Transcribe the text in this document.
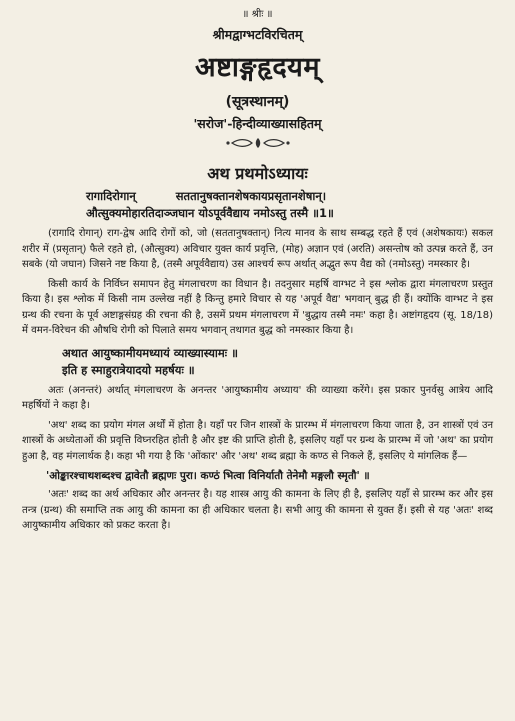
॥ श्रीः ॥
श्रीमद्वाग्भटविरचितम्
अष्टाङ्गहृदयम्
(सूत्रस्थानम्)
'सरोज'-हिन्दीव्याख्यासहितम्
अथ प्रथमोऽध्यायः
रागादिरोगान्	सततानुषक्तानशेषकायप्रसृतानशेषान्।
औत्सुक्यमोहारतिदाञ्जघान योऽपूर्ववैद्याय नमोऽस्तु तस्मै ॥1॥

(रागादि रोगान्) राग-द्वेष आदि रोगों को, जो (सततानुषक्तान्) नित्य मानव के साथ सम्बद्ध रहते हैं एवं (अशेषकायः) सकल शरीर में (प्रसृतान्) फैले रहते हो, (औत्सुक्य) अविचार युक्त कार्य प्रवृत्ति, (मोह) अज्ञान एवं (अरति) असन्तोष को उत्पन्न करते हैं, उन सबके (यो जघान) जिसने नष्ट किया है, (तस्मै अपूर्ववैद्याय) उस आश्चर्य रूप अर्थात् अद्भुत रूप वैद्य को (नमोऽस्तु) नमस्कार है।

किसी कार्य के निर्विघ्न समापन हेतु मंगलाचरण का विधान है। तदनुसार महर्षि वाग्भट ने इस श्लोक द्वारा मंगलाचरण प्रस्तुत किया है। इस श्लोक में किसी नाम उल्लेख नहीं है किन्तु हमारे विचार से यह 'अपूर्व वैद्य' भगवान् बुद्ध ही हैं। क्योंकि वाग्भट ने इस ग्रन्थ की रचना के पूर्व अष्टाङ्गसंग्रह की रचना की है, उसमें प्रथम मंगलाचरण में 'बुद्धाय तस्मै नमः' कहा है। अष्टांगहृदय (सू. 18/18) में वमन-विरेचन की औषधि रोगी को पिलाते समय भगवान् तथागत बुद्ध को नमस्कार किया है।

अथात आयुष्कामीयमध्यायं व्याख्यास्यामः ॥
इति ह स्माहुरात्रेयादयो महर्षयः ॥

अतः (अनन्तरं) अर्थात् मंगलाचरण के अनन्तर 'आयुष्कामीय अध्याय' की व्याख्या करेंगे। इस प्रकार पुनर्वसु आत्रेय आदि महर्षियों ने कहा है।

'अथ' शब्द का प्रयोग मंगल अर्थों में होता है। यहाँ पर जिन शास्त्रों के प्रारम्भ में मंगलाचरण किया जाता है, उन शास्त्रों एवं उन शास्त्रों के अध्येताओं की प्रवृत्ति विघ्नरहित होती है और इष्ट की प्राप्ति होती है, इसलिए यहाँ पर ग्रन्थ के प्रारम्भ में जो 'अथ' का प्रयोग हुआ है, वह मंगलार्थक है। कहा भी गया है कि 'ओंकार' और 'अथ' शब्द ब्रह्मा के कण्ठ से निकले हैं, इसलिए ये मांगलिक हैं—

'ओङ्कारश्चाथशब्दश्च द्वावेतौ ब्रह्मणः पुरा। कण्ठं भित्वा विनिर्यातौ तेनेमौ मङ्गलौ स्मृतौ' ॥

'अतः' शब्द का अर्थ अधिकार और अनन्तर है। यह शास्त्र आयु की कामना के लिए ही है, इसलिए यहाँ से प्रारम्भ कर और इस तन्त्र (ग्रन्थ) की समाप्ति तक आयु की कामना का ही अधिकार चलता है। सभी आयु की कामना से युक्त हैं। इसी से यह 'अतः' शब्द आयुष्कामीय अधिकार को प्रकट करता है।
